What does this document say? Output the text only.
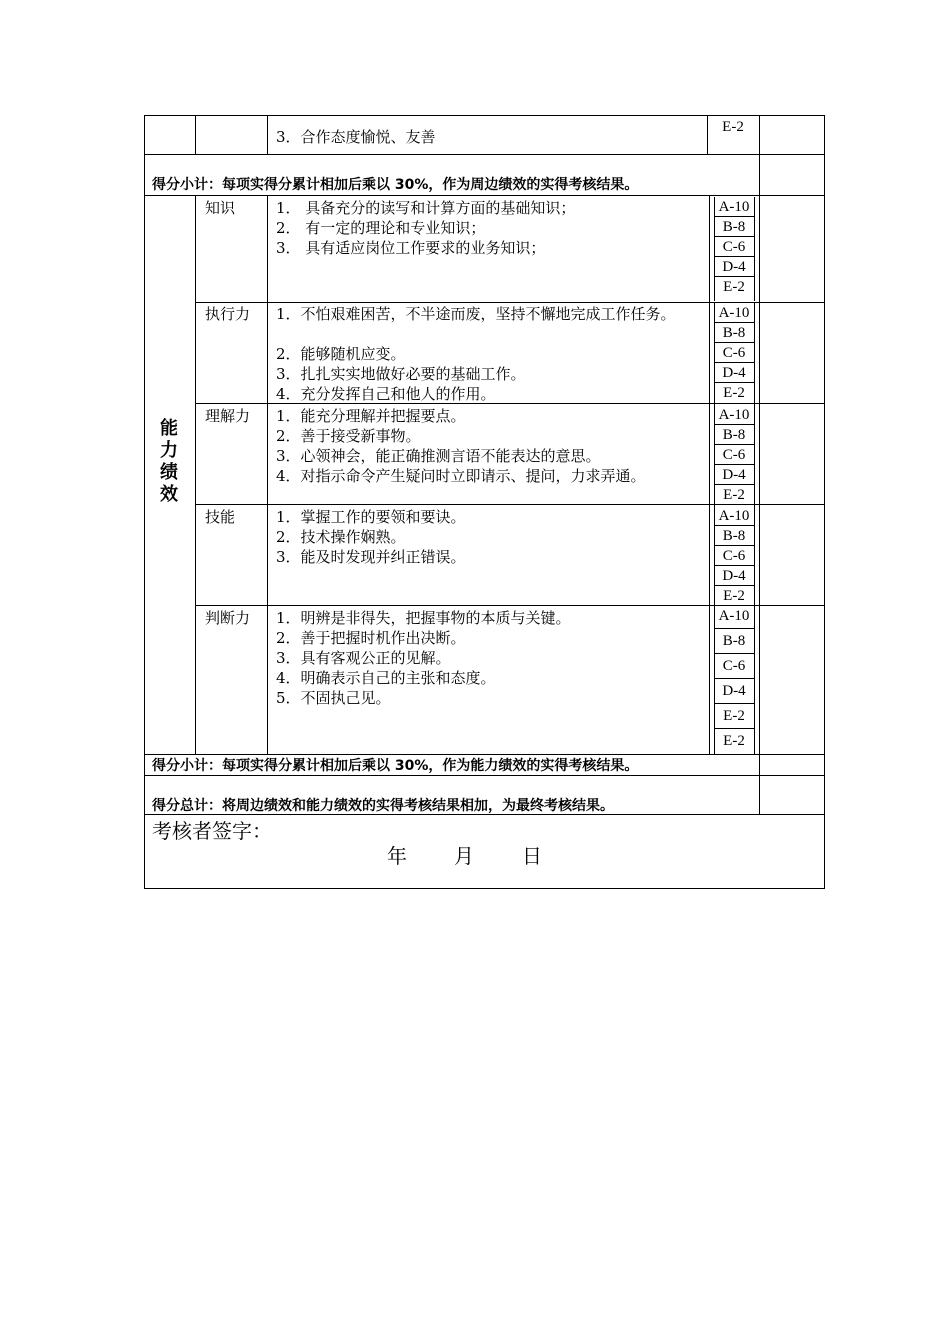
3．合作态度愉悦、友善
E-2
得分小计：每项实得分累计相加后乘以 30%，作为周边绩效的实得考核结果。
能
力
绩
效
知识	1． 具备充分的读写和计算方面的基础知识；
2． 有一定的理论和专业知识；
3． 具有适应岗位工作要求的业务知识；
A-10
B-8
C-6
D-4
E-2
执行力 1．不怕艰难困苦，不半途而废，坚持不懈地完成工作任务。
2．能够随机应变。
3．扎扎实实地做好必要的基础工作。
4．充分发挥自己和他人的作用。
A-10
B-8
C-6
D-4
E-2
理解力 1．能充分理解并把握要点。
2．善于接受新事物。
3．心领神会，能正确推测言语不能表达的意思。
4．对指示命令产生疑问时立即请示、提问，力求弄通。
A-10
B-8
C-6
D-4
E-2
技能	1．掌握工作的要领和要诀。
2．技术操作娴熟。
3．能及时发现并纠正错误。
A-10
B-8
C-6
D-4
E-2
判断力 1．明辨是非得失，把握事物的本质与关键。
2．善于把握时机作出决断。
3．具有客观公正的见解。
4．明确表示自己的主张和态度。
5．不固执己见。
A-10
B-8
C-6
D-4
E-2
E-2
得分小计：每项实得分累计相加后乘以 30%，作为能力绩效的实得考核结果。
得分总计：将周边绩效和能力绩效的实得考核结果相加，为最终考核结果。
考核者签字：
年 月 日
